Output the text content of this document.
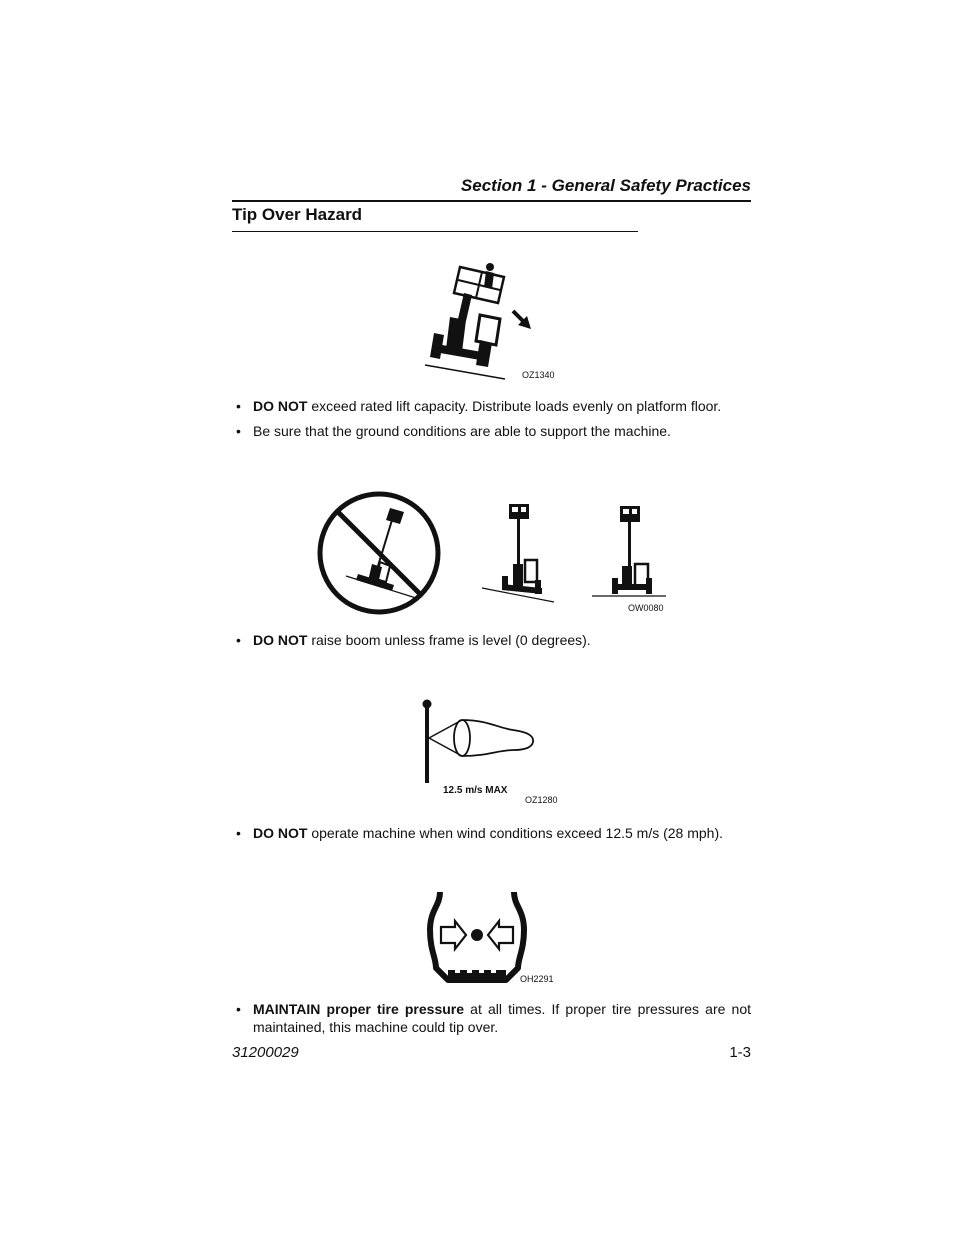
Section 1 - General Safety Practices
Tip Over Hazard
OZ1340
• DO NOT exceed rated lift capacity. Distribute loads evenly on platform floor.
• Be sure that the ground conditions are able to support the machine.
OW0080
• DO NOT raise boom unless frame is level (0 degrees).
12.5 m/s MAX
OZ1280
• DO NOT operate machine when wind conditions exceed 12.5 m/s (28 mph).
OH2291
• MAINTAIN proper tire pressure at all times. If proper tire pressures are not maintained, this machine could tip over.
31200029	1-3
